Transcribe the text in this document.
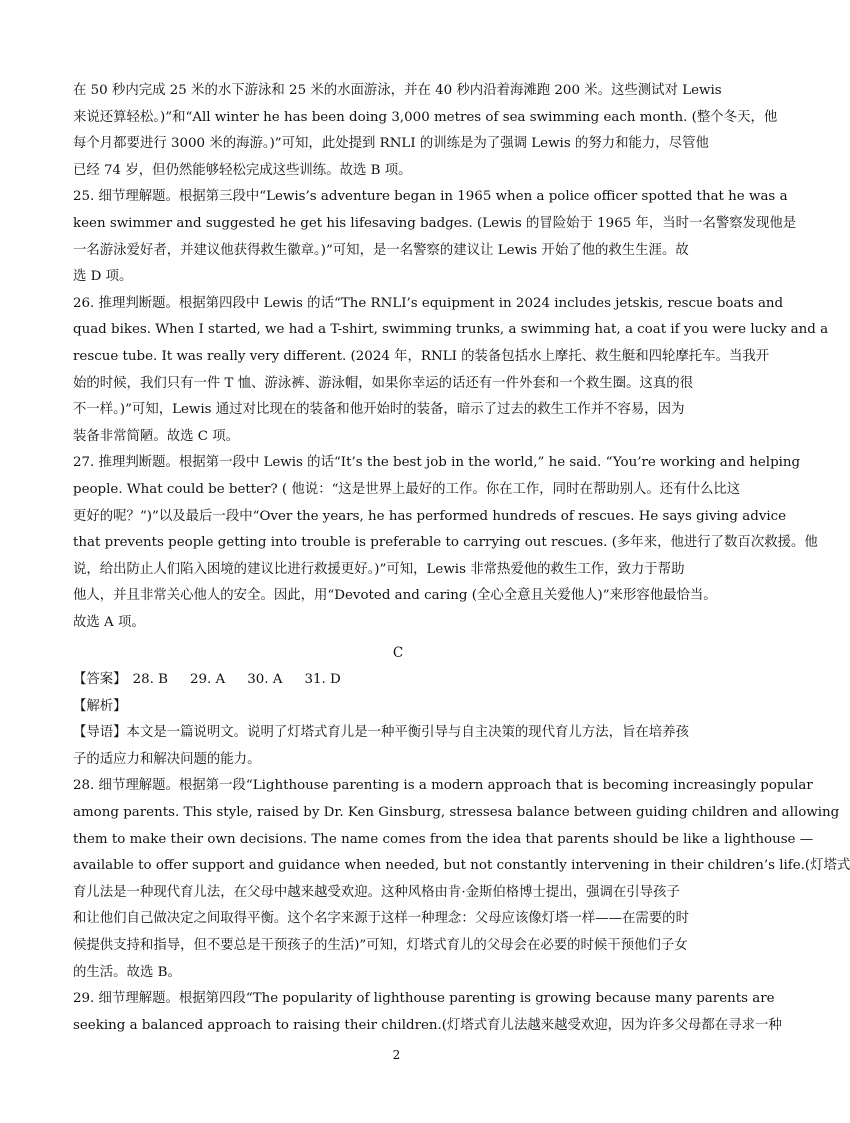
在 50 秒内完成 25 米的水下游泳和 25 米的水面游泳，并在 40 秒内沿着海滩跑 200 米。这些测试对 Lewis
来说还算轻松。)”和“All winter he has been doing 3,000 metres of sea swimming each month. (整个冬天，他
每个月都要进行 3000 米的海游。)”可知，此处提到 RNLI 的训练是为了强调 Lewis 的努力和能力，尽管他
已经 74 岁，但仍然能够轻松完成这些训练。故选 B 项。
25. 细节理解题。根据第三段中“Lewis’s adventure began in 1965 when a police officer spotted that he was a
keen swimmer and suggested he get his lifesaving badges. (Lewis 的冒险始于 1965 年，当时一名警察发现他是
一名游泳爱好者，并建议他获得救生徽章。)”可知，是一名警察的建议让 Lewis 开始了他的救生生涯。故
选 D 项。
26. 推理判断题。根据第四段中 Lewis 的话“The RNLI’s equipment in 2024 includes jetskis, rescue boats and
quad bikes. When I started, we had a T-shirt, swimming trunks, a swimming hat, a coat if you were lucky and a
rescue tube. It was really very different. (2024 年，RNLI 的装备包括水上摩托、救生艇和四轮摩托车。当我开
始的时候，我们只有一件 T 恤、游泳裤、游泳帽，如果你幸运的话还有一件外套和一个救生圈。这真的很
不一样。)”可知，Lewis 通过对比现在的装备和他开始时的装备，暗示了过去的救生工作并不容易，因为
装备非常简陋。故选 C 项。
27. 推理判断题。根据第一段中 Lewis 的话“It’s the best job in the world,” he said. “You’re working and helping
people. What could be better? ( 他说：“这是世界上最好的工作。你在工作，同时在帮助别人。还有什么比这
更好的呢？”)”以及最后一段中“Over the years, he has performed hundreds of rescues. He says giving advice
that prevents people getting into trouble is preferable to carrying out rescues. (多年来，他进行了数百次救援。他
说，给出防止人们陷入困境的建议比进行救援更好。)”可知，Lewis 非常热爱他的救生工作，致力于帮助
他人，并且非常关心他人的安全。因此，用“Devoted and caring (全心全意且关爱他人)”来形容他最恰当。
故选 A 项。
C
【答案】 28. B 29. A 30. A 31. D
【解析】
【导语】本文是一篇说明文。说明了灯塔式育儿是一种平衡引导与自主决策的现代育儿方法，旨在培养孩
子的适应力和解决问题的能力。
28. 细节理解题。根据第一段“Lighthouse parenting is a modern approach that is becoming increasingly popular
among parents. This style, raised by Dr. Ken Ginsburg, stressesa balance between guiding children and allowing
them to make their own decisions. The name comes from the idea that parents should be like a lighthouse —
available to offer support and guidance when needed, but not constantly intervening in their children’s life.(灯塔式
育儿法是一种现代育儿法，在父母中越来越受欢迎。这种风格由肯·金斯伯格博士提出，强调在引导孩子
和让他们自己做决定之间取得平衡。这个名字来源于这样一种理念：父母应该像灯塔一样——在需要的时
候提供支持和指导，但不要总是干预孩子的生活)”可知，灯塔式育儿的父母会在必要的时候干预他们子女
的生活。故选 B。
29. 细节理解题。根据第四段“The popularity of lighthouse parenting is growing because many parents are
seeking a balanced approach to raising their children.(灯塔式育儿法越来越受欢迎，因为许多父母都在寻求一种
2
